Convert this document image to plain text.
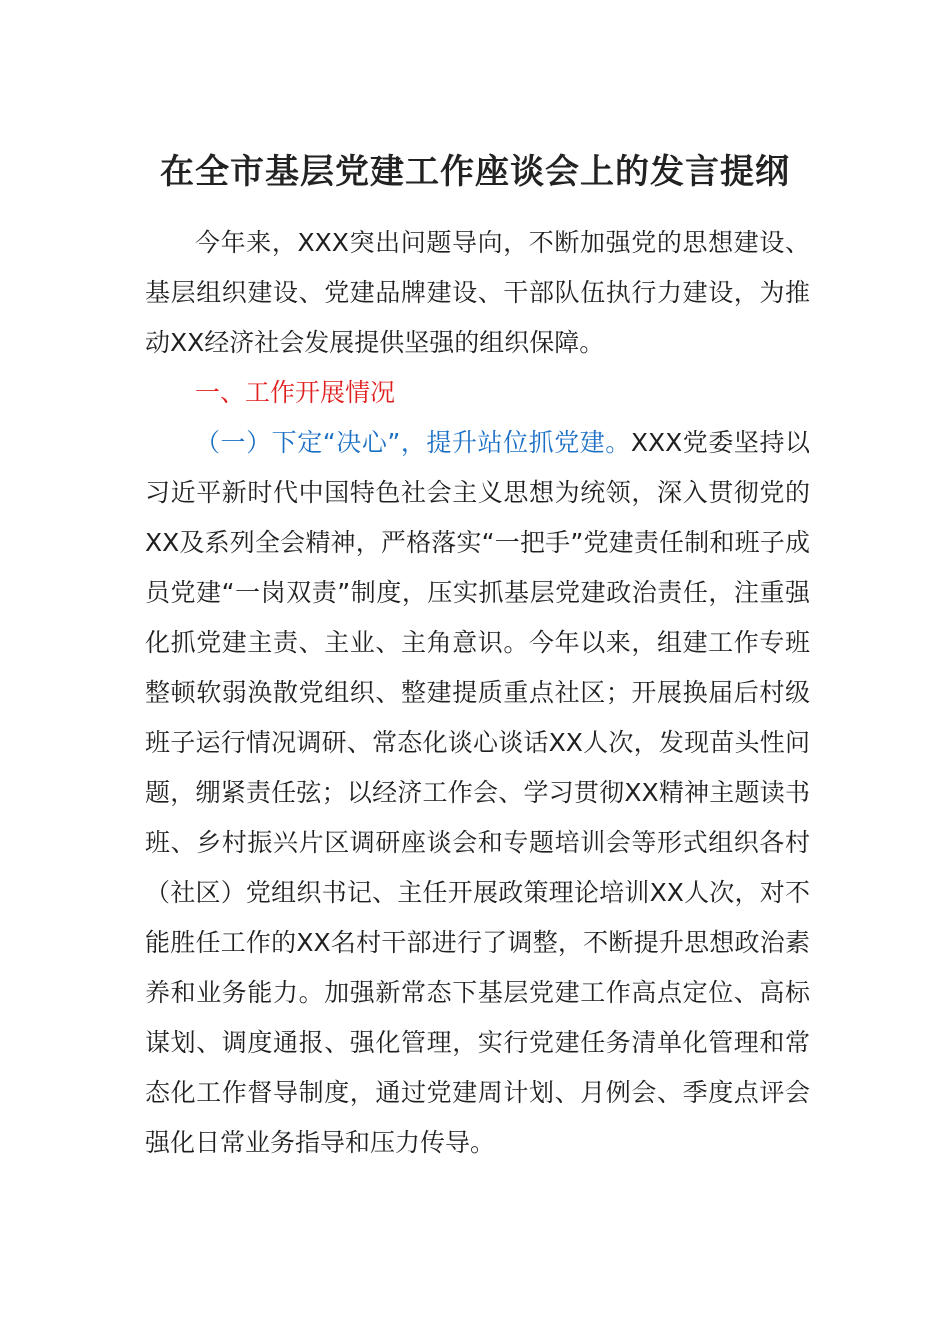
在全市基层党建工作座谈会上的发言提纲

今年来，XXX突出问题导向，不断加强党的思想建设、基层组织建设、党建品牌建设、干部队伍执行力建设，为推动XX经济社会发展提供坚强的组织保障。

一、工作开展情况

（一）下定“决心”，提升站位抓党建。XXX党委坚持以习近平新时代中国特色社会主义思想为统领，深入贯彻党的XX及系列全会精神，严格落实“一把手”党建责任制和班子成员党建“一岗双责”制度，压实抓基层党建政治责任，注重强化抓党建主责、主业、主角意识。今年以来，组建工作专班整顿软弱涣散党组织、整建提质重点社区；开展换届后村级班子运行情况调研、常态化谈心谈话XX人次，发现苗头性问题，绷紧责任弦；以经济工作会、学习贯彻XX精神主题读书班、乡村振兴片区调研座谈会和专题培训会等形式组织各村（社区）党组织书记、主任开展政策理论培训XX人次，对不能胜任工作的XX名村干部进行了调整，不断提升思想政治素养和业务能力。加强新常态下基层党建工作高点定位、高标谋划、调度通报、强化管理，实行党建任务清单化管理和常态化工作督导制度，通过党建周计划、月例会、季度点评会强化日常业务指导和压力传导。
